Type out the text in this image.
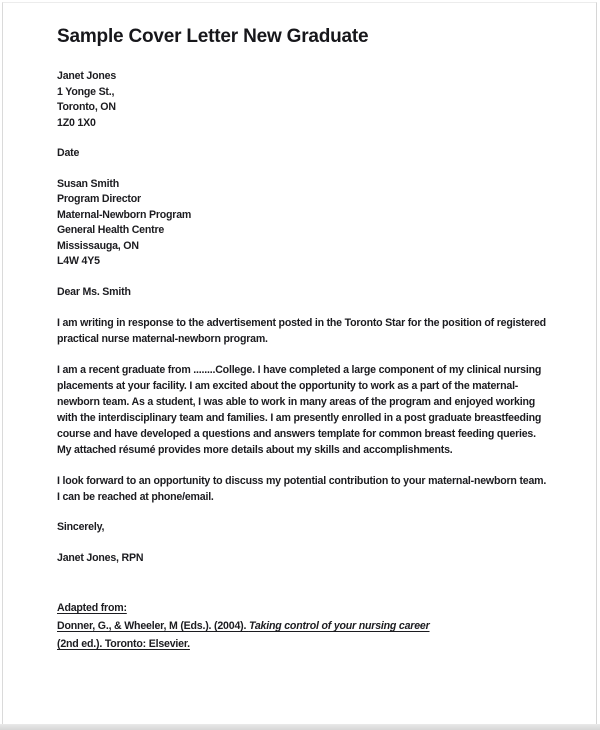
Sample Cover Letter New Graduate
Janet Jones
1 Yonge St.,
Toronto, ON
1Z0 1X0
Date
Susan Smith
Program Director
Maternal-Newborn Program
General Health Centre
Mississauga, ON
L4W 4Y5
Dear Ms. Smith

I am writing in response to the advertisement posted in the Toronto Star for the position of registered practical nurse maternal-newborn program.

I am a recent graduate from ........College. I have completed a large component of my clinical nursing placements at your facility. I am excited about the opportunity to work as a part of the maternal-newborn team. As a student, I was able to work in many areas of the program and enjoyed working with the interdisciplinary team and families. I am presently enrolled in a post graduate breastfeeding course and have developed a questions and answers template for common breast feeding queries. My attached résumé provides more details about my skills and accomplishments.

I look forward to an opportunity to discuss my potential contribution to your maternal-newborn team. I can be reached at phone/email.

Sincerely,
Janet Jones, RPN
Adapted from:
Donner, G., & Wheeler, M (Eds.). (2004). Taking control of your nursing career
(2nd ed.). Toronto: Elsevier.
